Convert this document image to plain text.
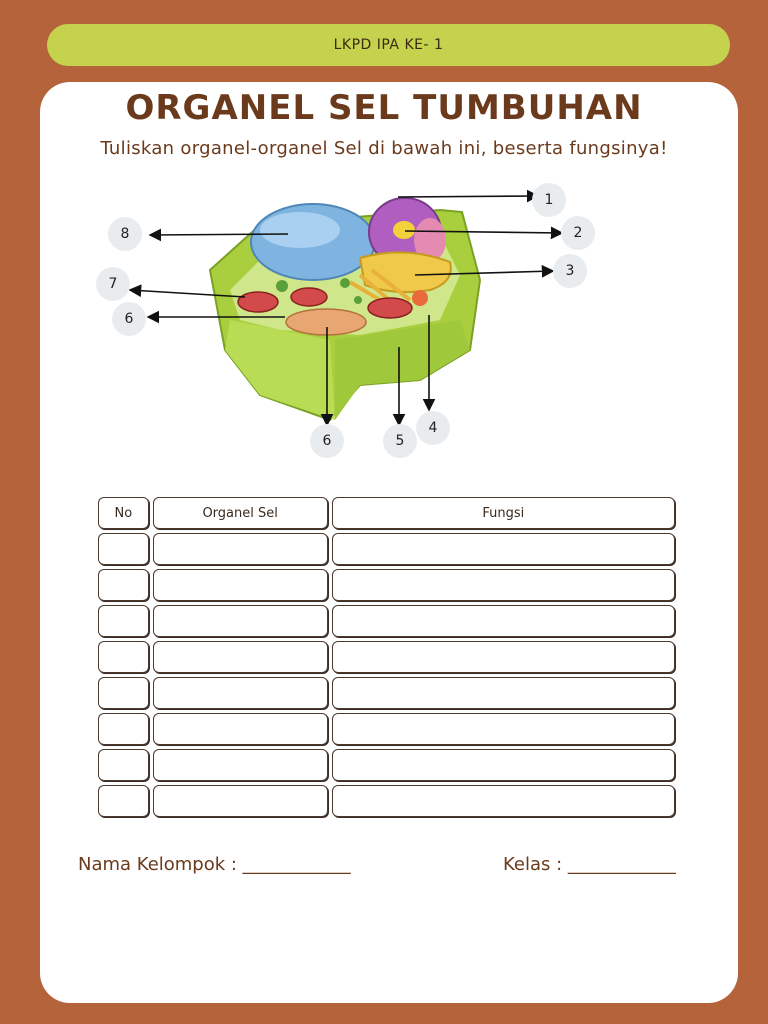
LKPD IPA KE- 1
ORGANEL SEL TUMBUHAN
Tuliskan organel-organel Sel di bawah ini, beserta fungsinya!
1
2
3
4
5
6
6
7
8
No	Organel Sel	Fungsi

Nama Kelompok : ____________	Kelas : ____________
